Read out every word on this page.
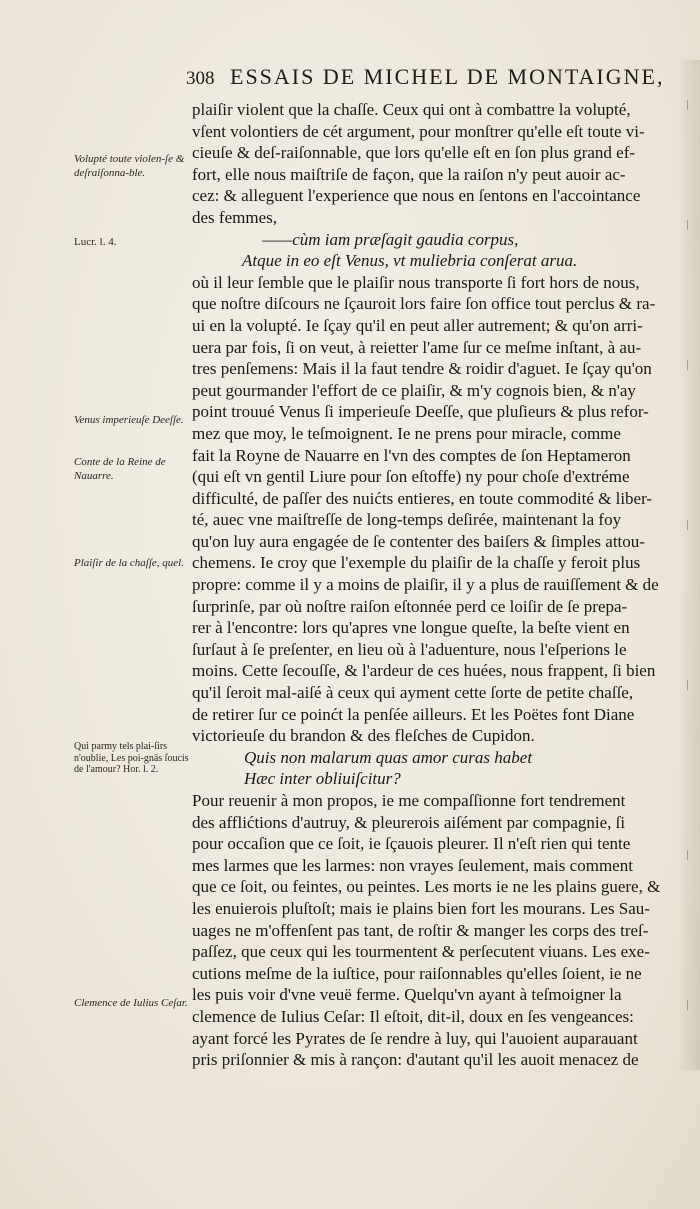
308 ESSAIS DE MICHEL DE MONTAIGNE,
Volupté toute violen-ſe & deſraiſonna-ble.
Lucr. l. 4.
Venus imperieuſe Deeſſe.
Conte de la Reine de Nauarre.
Plaiſir de la chaſſe, quel.
Qui parmy tels plai-ſirs n'oublie, Les poi-gnās ſoucis de l'amour? Hor. l. 2.
Clemence de Iulius Ceſar.
plaiſir violent que la chaſſe. Ceux qui ont à combattre la volupté,
vſent volontiers de cét argument, pour monſtrer qu'elle eſt toute vi-
cieuſe & deſ-raiſonnable, que lors qu'elle eſt en ſon plus grand ef-
fort, elle nous maiſtriſe de façon, que la raiſon n'y peut auoir ac-
cez: & alleguent l'experience que nous en ſentons en l'accointance
des femmes,
——cùm iam præſagit gaudia corpus,
Atque in eo eſt Venus, vt muliebria conſerat arua.
où il leur ſemble que le plaiſir nous transporte ſi fort hors de nous,
que noſtre diſcours ne ſçauroit lors faire ſon office tout perclus & ra-
ui en la volupté. Ie ſçay qu'il en peut aller autrement; & qu'on arri-
uera par fois, ſi on veut, à reietter l'ame ſur ce meſme inſtant, à au-
tres penſemens: Mais il la faut tendre & roidir d'aguet. Ie ſçay qu'on
peut gourmander l'effort de ce plaiſir, & m'y cognois bien, & n'ay
point trouué Venus ſi imperieuſe Deeſſe, que pluſieurs & plus refor-
mez que moy, le teſmoignent. Ie ne prens pour miracle, comme
fait la Royne de Nauarre en l'vn des comptes de ſon Heptameron
(qui eſt vn gentil Liure pour ſon eſtoffe) ny pour choſe d'extréme
difficulté, de paſſer des nuićts entieres, en toute commodité & liber-
té, auec vne maiſtreſſe de long-temps deſirée, maintenant la foy
qu'on luy aura engagée de ſe contenter des baiſers & ſimples attou-
chemens. Ie croy que l'exemple du plaiſir de la chaſſe y feroit plus
propre: comme il y a moins de plaiſir, il y a plus de rauiſſement & de
ſurprinſe, par où noſtre raiſon eſtonnée perd ce loiſir de ſe prepa-
rer à l'encontre: lors qu'apres vne longue queſte, la beſte vient en
ſurſaut à ſe preſenter, en lieu où à l'aduenture, nous l'eſperions le
moins. Cette ſecouſſe, & l'ardeur de ces huées, nous frappent, ſi bien
qu'il ſeroit mal-aiſé à ceux qui ayment cette ſorte de petite chaſſe,
de retirer ſur ce poinćt la penſée ailleurs. Et les Poëtes font Diane
victorieuſe du brandon & des fleſches de Cupidon.
Quis non malarum quas amor curas habet
Hæc inter obliuiſcitur?
Pour reuenir à mon propos, ie me compaſſionne fort tendrement
des afflićtions d'autruy, & pleurerois aiſément par compagnie, ſi
pour occaſion que ce ſoit, ie ſçauois pleurer. Il n'eſt rien qui tente
mes larmes que les larmes: non vrayes ſeulement, mais comment
que ce ſoit, ou feintes, ou peintes. Les morts ie ne les plains guere, &
les enuierois pluſtoſt; mais ie plains bien fort les mourans. Les Sau-
uages ne m'offenſent pas tant, de roſtir & manger les corps des treſ-
paſſez, que ceux qui les tourmentent & perſecutent viuans. Les exe-
cutions meſme de la iuſtice, pour raiſonnables qu'elles ſoient, ie ne
les puis voir d'vne veuë ferme. Quelqu'vn ayant à teſmoigner la
clemence de Iulius Ceſar: Il eſtoit, dit-il, doux en ſes vengeances:
ayant forcé les Pyrates de ſe rendre à luy, qui l'auoient auparauant
pris priſonnier & mis à rançon: d'autant qu'il les auoit menacez de
